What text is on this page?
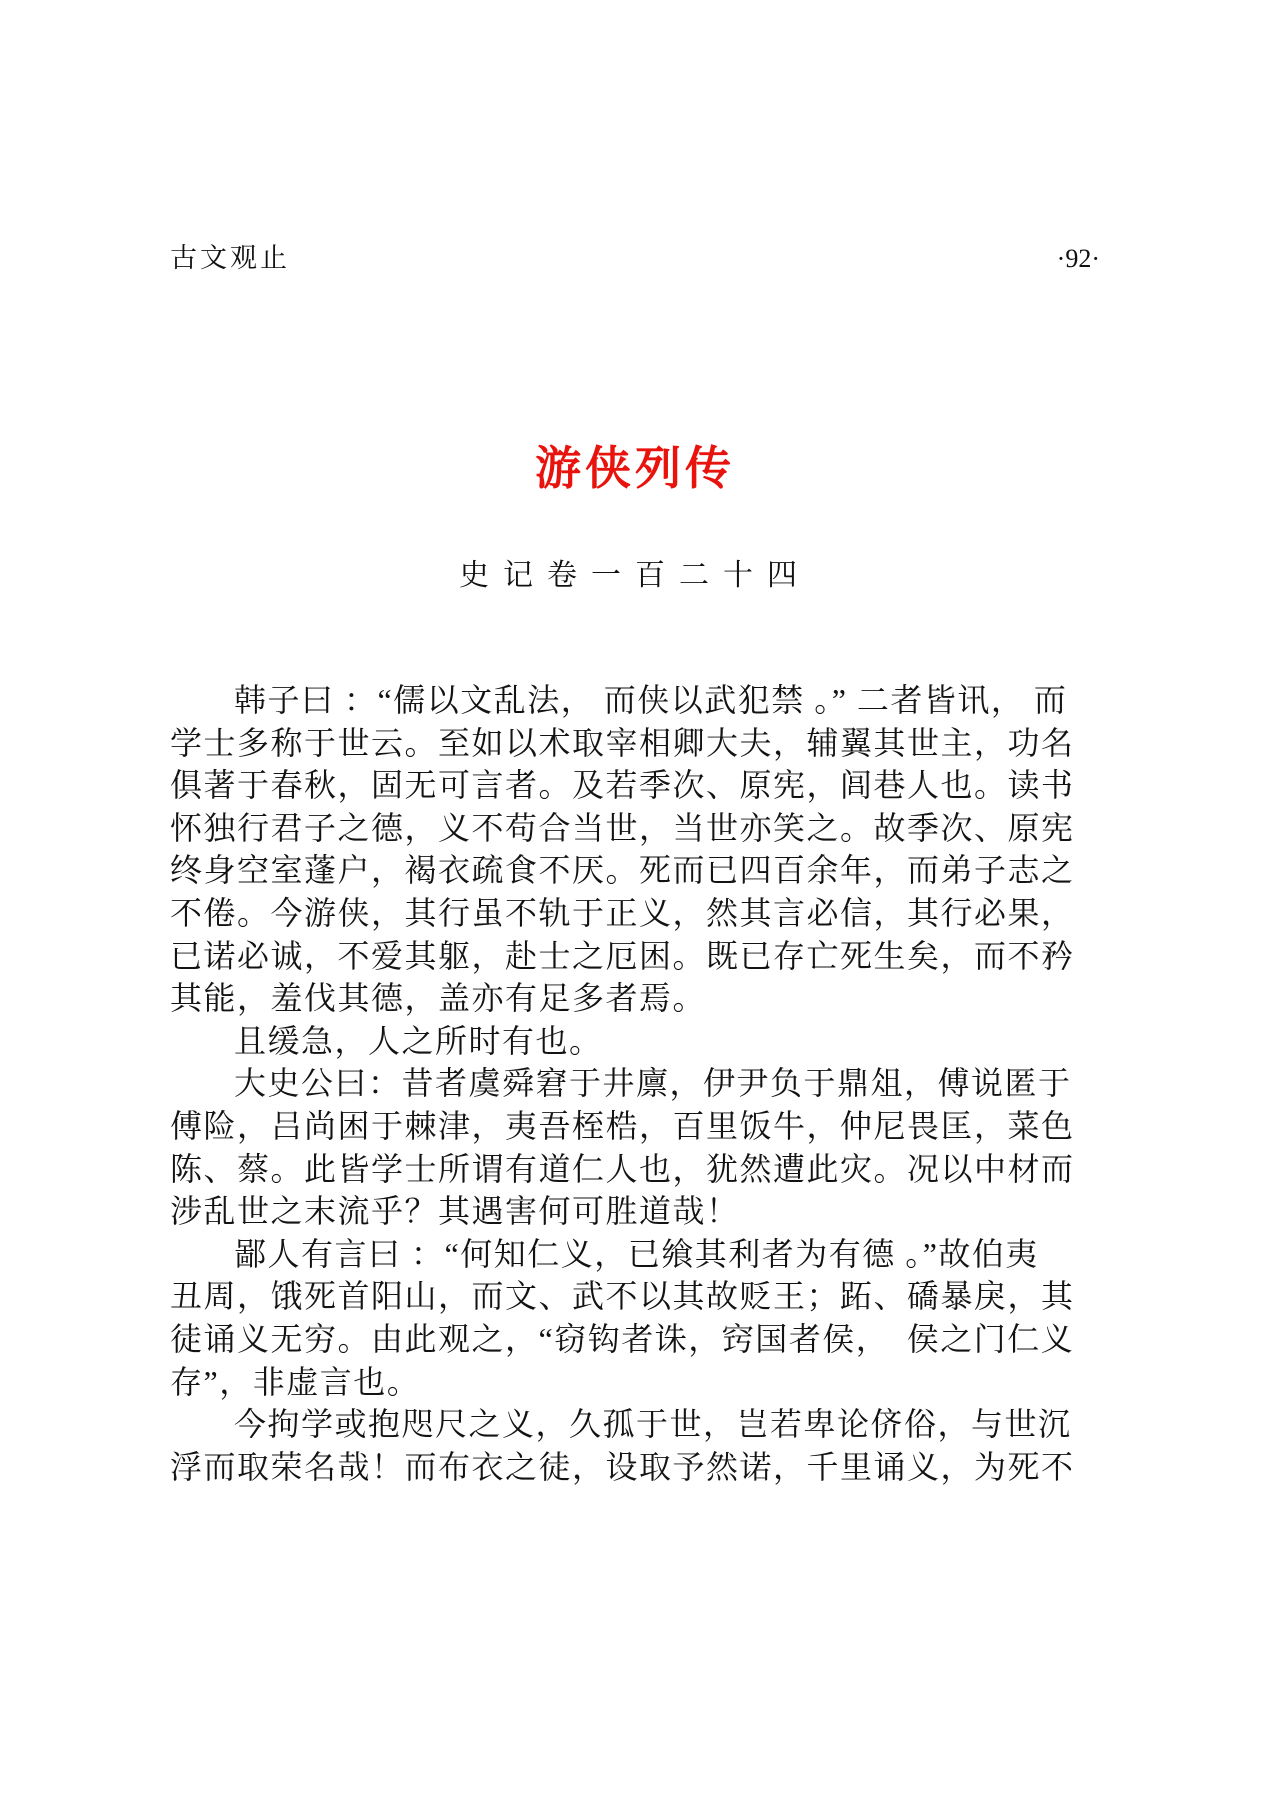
古文观止	·92·
游侠列传
史记卷一百二十四
韩子曰 ：“儒以文乱法， 而侠以武犯禁 。” 二者皆讯， 而
学士多称于世云。至如以术取宰相卿大夫，辅翼其世主，功名
俱著于春秋，固无可言者。及若季次、原宪，闾巷人也。读书
怀独行君子之德，义不苟合当世，当世亦笑之。故季次、原宪
终身空室蓬户，褐衣疏食不厌。死而已四百余年，而弟子志之
不倦。今游侠，其行虽不轨于正义，然其言必信，其行必果，
已诺必诚，不爱其躯，赴士之厄困。既已存亡死生矣，而不矜
其能，羞伐其德，盖亦有足多者焉。
且缓急，人之所时有也。
大史公曰：昔者虞舜窘于井廪，伊尹负于鼎俎，傅说匿于
傅险，吕尚困于棘津，夷吾桎梏，百里饭牛，仲尼畏匡，菜色
陈、蔡。此皆学士所谓有道仁人也，犹然遭此灾。况以中材而
涉乱世之末流乎？其遇害何可胜道哉！
鄙人有言曰 ：“何知仁义，已飨其利者为有德 。”故伯夷
丑周，饿死首阳山，而文、武不以其故贬王；跖、礄暴戾，其
徒诵义无穷。由此观之，“窃钩者诛，窍国者侯，　侯之门仁义
存”，非虚言也。
今拘学或抱咫尺之义，久孤于世，岂若卑论侪俗，与世沉
浮而取荣名哉！而布衣之徒，设取予然诺，千里诵义，为死不
